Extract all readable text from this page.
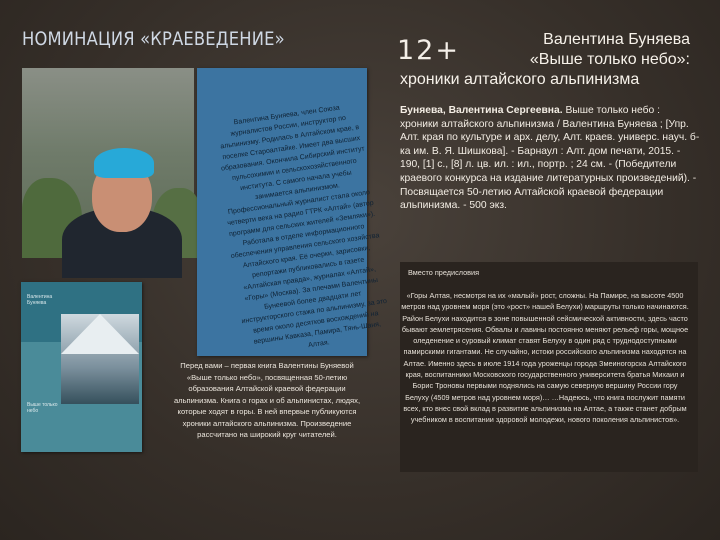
НОМИНАЦИЯ «КРАЕВЕДЕНИЕ»	12+	Валентина Буняева
«Выше только небо»:
хроники алтайского альпинизма
Валентина Буняева, член Союза журналистов России, инструктор по альпинизму. Родилась в Алтайском крае, в поселке Староалтайке. Имеет два высших образования. Окончила Сибирский институт пульсохимии и сельскохозяйственного института. С самого начала учебы занимается альпинизмом. Профессиональный журналист стала около четверти века на радио ГТРК «Алтай» (автор программ для сельских жителей «Земляки»). Работала в отделе информационного обеспечения управления сельского хозяйства Алтайского края. Её очерки, зарисовки, репортажи публиковались в газете «Алтайская правда», журналах «Алтай», «Горы» (Москва). За плечами Валентины Бунеевой более двадцати лет инструкторского стажа по альпинизму, за это время около десятков восхождений на вершины Кавказа, Памира, Тянь-Шаня, Алтая.
Валентина Буняева
Выше только небо
Перед вами – первая книга Валентины Буняевой «Выше только небо», посвященная 50-летию образования Алтайской краевой федерации альпинизма. Книга о горах и об альпинистах, людях, которые ходят в горы. В ней впервые публикуются хроники алтайского альпинизма. Произведение рассчитано на широкий круг читателей.
Буняева, Валентина Сергеевна. Выше только небо : хроники алтайского альпинизма / Валентина Буняева ; [Упр. Алт. края по культуре и арх. делу, Алт. краев. универс. науч. б-ка им. В. Я. Шишкова]. - Барнаул : Алт. дом печати, 2015. - 190, [1] с., [8] л. цв. ил. : ил., портр. ; 24 см. - (Победители краевого конкурса на издание литературных произведений). - Посвящается 50-летию Алтайской краевой федерации альпинизма. - 500 экз.
Вместо предисловия
«Горы Алтая, несмотря на их «малый» рост, сложны. На Памире, на высоте 4500 метров над уровнем моря (это «рост» нашей Белухи) маршруты только начинаются. Район Белухи находится в зоне повышенной сейсмической активности, здесь часто бывают землетрясения. Обвалы и лавины постоянно меняют рельеф горы, мощное оледенение и суровый климат ставят Белуху в один ряд с труднодоступными памирскими гигантами. Не случайно, истоки российского альпинизма находятся на Алтае. Именно здесь в июле 1914 года уроженцы города Змеиногорска Алтайского края, воспитанники Московского государственного университета братья Михаил и Борис Троновы первыми поднялись на самую северную вершину России гору Белуху (4509 метров над уровнем моря)… …Надеюсь, что книга послужит памяти всех, кто внес свой вклад в развитие альпинизма на Алтае, а также станет добрым учебником в воспитании здоровой молодежи, нового поколения альпинистов».
